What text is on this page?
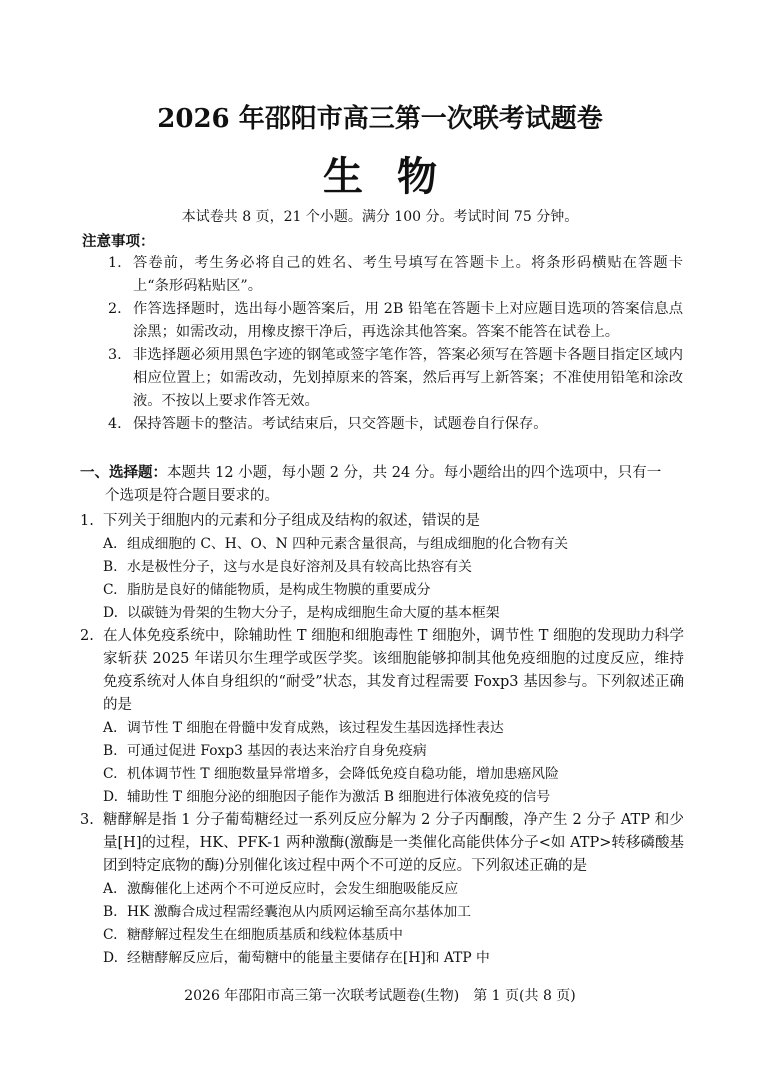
2026 年邵阳市高三第一次联考试题卷
生物
本试卷共 8 页，21 个小题。满分 100 分。考试时间 75 分钟。
注意事项：
1. 答卷前，考生务必将自己的姓名、考生号填写在答题卡上。将条形码横贴在答题卡上“条形码粘贴区”。
2. 作答选择题时，选出每小题答案后，用 2B 铅笔在答题卡上对应题目选项的答案信息点涂黑；如需改动，用橡皮擦干净后，再选涂其他答案。答案不能答在试卷上。
3. 非选择题必须用黑色字迹的钢笔或签字笔作答，答案必须写在答题卡各题目指定区域内相应位置上；如需改动，先划掉原来的答案，然后再写上新答案；不准使用铅笔和涂改液。不按以上要求作答无效。
4. 保持答题卡的整洁。考试结束后，只交答题卡，试题卷自行保存。
一、选择题：本题共 12 小题，每小题 2 分，共 24 分。每小题给出的四个选项中，只有一
个选项是符合题目要求的。
1. 下列关于细胞内的元素和分子组成及结构的叙述，错误的是
A. 组成细胞的 C、H、O、N 四种元素含量很高，与组成细胞的化合物有关
B. 水是极性分子，这与水是良好溶剂及具有较高比热容有关
C. 脂肪是良好的储能物质，是构成生物膜的重要成分
D. 以碳链为骨架的生物大分子，是构成细胞生命大厦的基本框架
2. 在人体免疫系统中，除辅助性 T 细胞和细胞毒性 T 细胞外，调节性 T 细胞的发现助力科学家斩获 2025 年诺贝尔生理学或医学奖。该细胞能够抑制其他免疫细胞的过度反应，维持免疫系统对人体自身组织的“耐受”状态，其发育过程需要 Foxp3 基因参与。下列叙述正确的是
A. 调节性 T 细胞在骨髓中发育成熟，该过程发生基因选择性表达
B. 可通过促进 Foxp3 基因的表达来治疗自身免疫病
C. 机体调节性 T 细胞数量异常增多，会降低免疫自稳功能，增加患癌风险
D. 辅助性 T 细胞分泌的细胞因子能作为激活 B 细胞进行体液免疫的信号
3. 糖酵解是指 1 分子葡萄糖经过一系列反应分解为 2 分子丙酮酸，净产生 2 分子 ATP 和少量[H]的过程，HK、PFK-1 两种激酶(激酶是一类催化高能供体分子<如 ATP>转移磷酸基团到特定底物的酶)分别催化该过程中两个不可逆的反应。下列叙述正确的是
A. 激酶催化上述两个不可逆反应时，会发生细胞吸能反应
B. HK 激酶合成过程需经囊泡从内质网运输至高尔基体加工
C. 糖酵解过程发生在细胞质基质和线粒体基质中
D. 经糖酵解反应后，葡萄糖中的能量主要储存在[H]和 ATP 中
2026 年邵阳市高三第一次联考试题卷(生物)　第 1 页(共 8 页)
